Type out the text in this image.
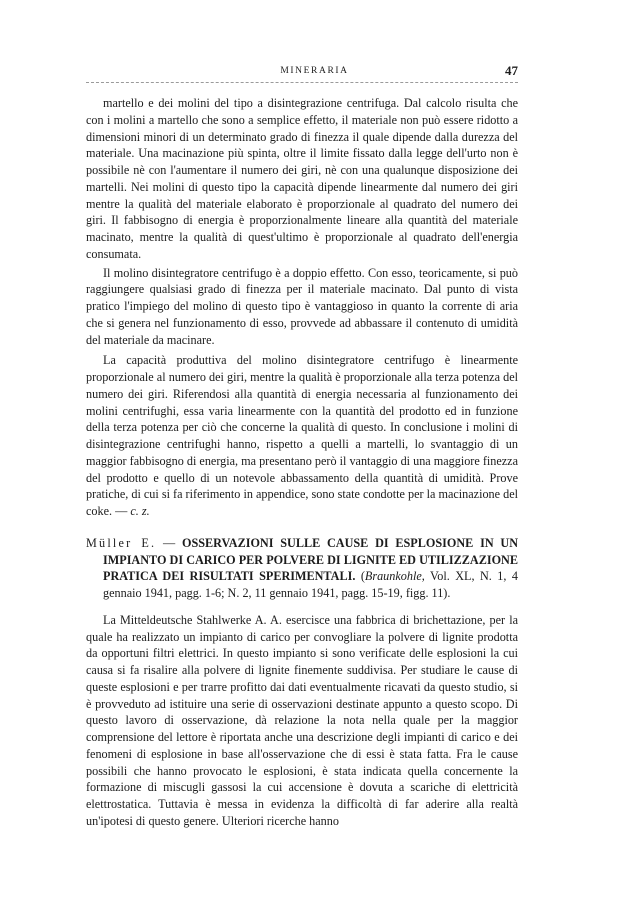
MINERARIA	47

martello e dei molini del tipo a disintegrazione centrifuga. Dal calcolo risulta che con i molini a martello che sono a semplice effetto, il materiale non può essere ridotto a dimensioni minori di un determinato grado di finezza il quale dipende dalla durezza del materiale. Una macinazione più spinta, oltre il limite fissato dalla legge dell'urto non è possibile nè con l'aumentare il numero dei giri, nè con una qualunque disposizione dei martelli. Nei molini di questo tipo la capacità dipende linearmente dal numero dei giri mentre la qualità del materiale elaborato è proporzionale al quadrato del numero dei giri. Il fabbisogno di energia è proporzionalmente lineare alla quantità del materiale macinato, mentre la qualità di quest'ultimo è proporzionale al quadrato dell'energia consumata.

Il molino disintegratore centrifugo è a doppio effetto. Con esso, teoricamente, si può raggiungere qualsiasi grado di finezza per il materiale macinato. Dal punto di vista pratico l'impiego del molino di questo tipo è vantaggioso in quanto la corrente di aria che si genera nel funzionamento di esso, provvede ad abbassare il contenuto di umidità del materiale da macinare.

La capacità produttiva del molino disintegratore centrifugo è linearmente proporzionale al numero dei giri, mentre la qualità è proporzionale alla terza potenza del numero dei giri. Riferendosi alla quantità di energia necessaria al funzionamento dei molini centrifughi, essa varia linearmente con la quantità del prodotto ed in funzione della terza potenza per ciò che concerne la qualità di questo. In conclusione i molini di disintegrazione centrifughi hanno, rispetto a quelli a martelli, lo svantaggio di un maggior fabbisogno di energia, ma presentano però il vantaggio di una maggiore finezza del prodotto e quello di un notevole abbassamento della quantità di umidità. Prove pratiche, di cui si fa riferimento in appendice, sono state condotte per la macinazione del coke. — c. z.

Müller E. — OSSERVAZIONI SULLE CAUSE DI ESPLOSIONE IN UN IMPIANTO DI CARICO PER POLVERE DI LIGNITE ED UTILIZZAZIONE PRATICA DEI RISULTATI SPERIMENTALI. (Braunkohle, Vol. XL, N. 1, 4 gennaio 1941, pagg. 1-6; N. 2, 11 gennaio 1941, pagg. 15-19, figg. 11).

La Mitteldeutsche Stahlwerke A. A. esercisce una fabbrica di brichettazione, per la quale ha realizzato un impianto di carico per convogliare la polvere di lignite prodotta da opportuni filtri elettrici. In questo impianto si sono verificate delle esplosioni la cui causa si fa risalire alla polvere di lignite finemente suddivisa. Per studiare le cause di queste esplosioni e per trarre profitto dai dati eventualmente ricavati da questo studio, si è provveduto ad istituire una serie di osservazioni destinate appunto a questo scopo. Di questo lavoro di osservazione, dà relazione la nota nella quale per la maggior comprensione del lettore è riportata anche una descrizione degli impianti di carico e dei fenomeni di esplosione in base all'osservazione che di essi è stata fatta. Fra le cause possibili che hanno provocato le esplosioni, è stata indicata quella concernente la formazione di miscugli gassosi la cui accensione è dovuta a scariche di elettricità elettrostatica. Tuttavia è messa in evidenza la difficoltà di far aderire alla realtà un'ipotesi di questo genere. Ulteriori ricerche hanno
